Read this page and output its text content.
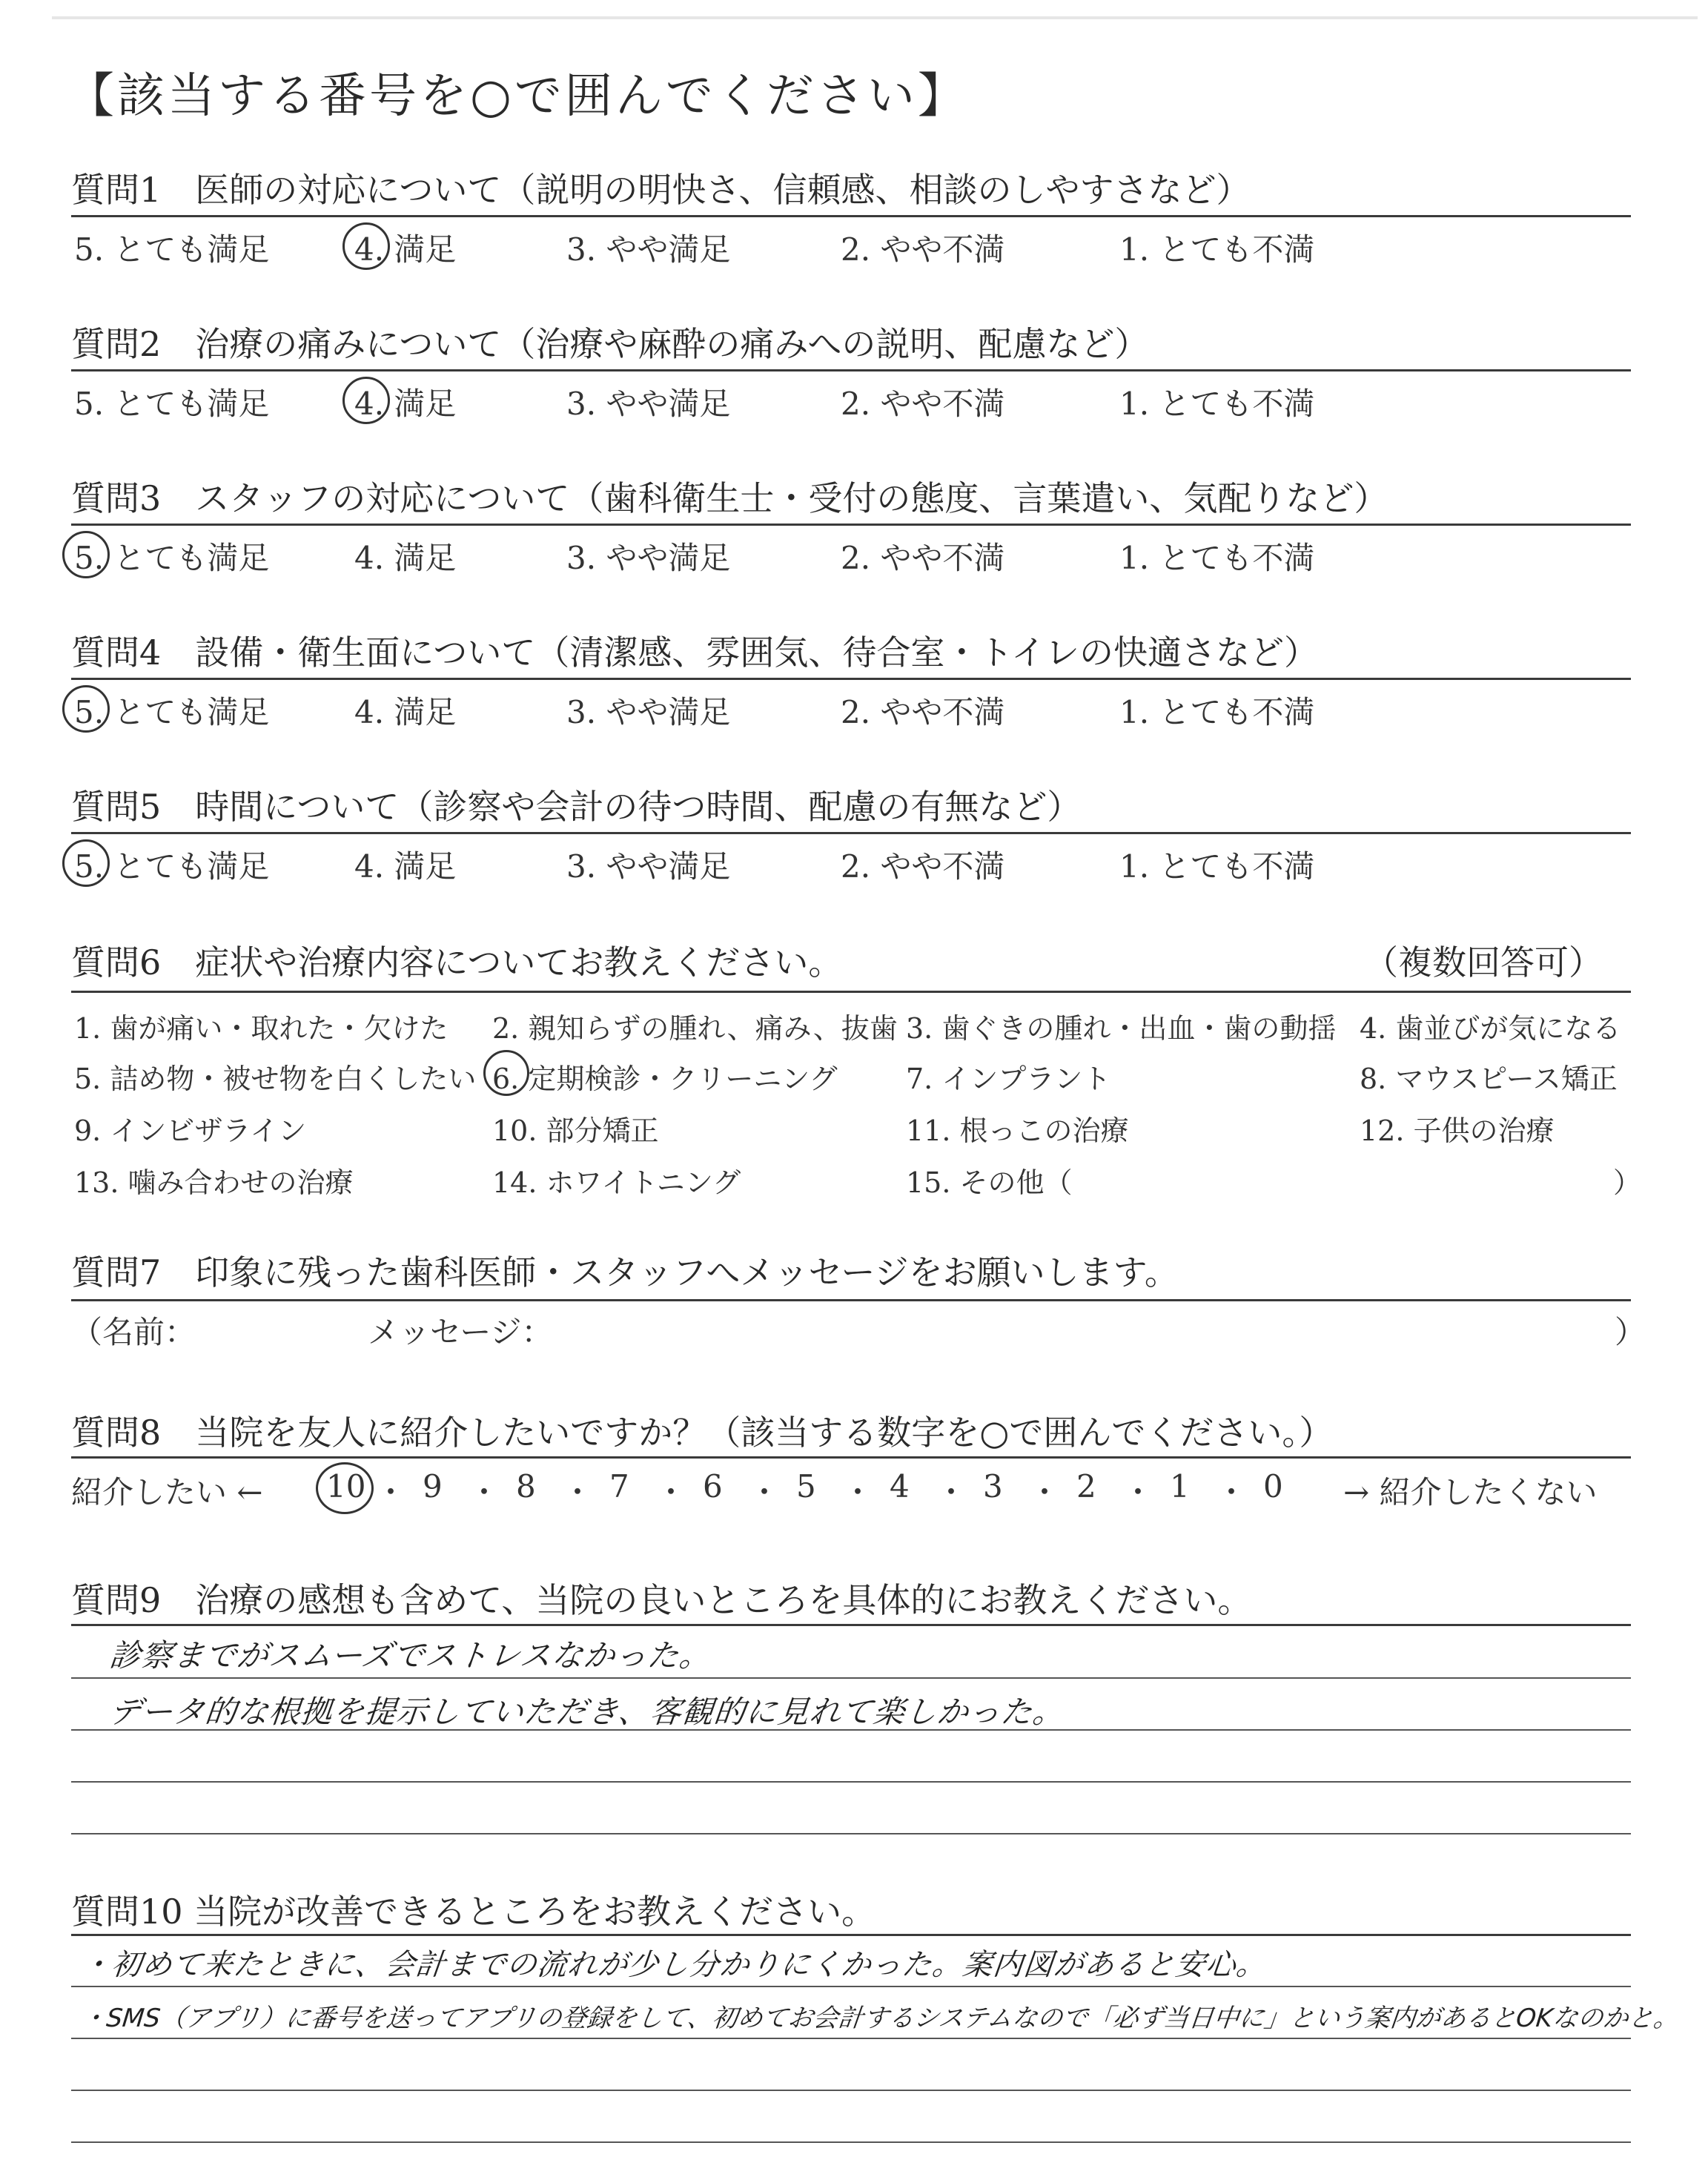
【該当する番号を○で囲んでください】
質問6　症状や治療内容についてお教えください。	（複数回答可）
質問7　印象に残った歯科医師・スタッフへメッセージをお願いします。
（名前：	メッセージ：	）
質問8　当院を友人に紹介したいですか？（該当する数字を○で囲んでください。）
紹介したい ←	→ 紹介したくない
質問9　治療の感想も含めて、当院の良いところを具体的にお教えください。
診察までがスムーズでストレスなかった。
データ的な根拠を提示していただき、客観的に見れて楽しかった。
質問10 当院が改善できるところをお教えください。
・初めて来たときに、会計までの流れが少し分かりにくかった。案内図があると安心。
・SMS（アプリ）に番号を送ってアプリの登録をして、初めてお会計するシステムなので「必ず当日中に」という案内があるとOKなのかと。
質問1　医師の対応について（説明の明快さ、信頼感、相談のしやすさなど）
5. とても満足	4. 満足	3. やや満足	2. やや不満	1. とても不満
質問2　治療の痛みについて（治療や麻酔の痛みへの説明、配慮など）
5. とても満足	4. 満足	3. やや満足	2. やや不満	1. とても不満
質問3　スタッフの対応について（歯科衛生士・受付の態度、言葉遣い、気配りなど）
5. とても満足	4. 満足	3. やや満足	2. やや不満	1. とても不満
質問4　設備・衛生面について（清潔感、雰囲気、待合室・トイレの快適さなど）
5. とても満足	4. 満足	3. やや満足	2. やや不満	1. とても不満
質問5　時間について（診察や会計の待つ時間、配慮の有無など）
5. とても満足	4. 満足	3. やや満足	2. やや不満	1. とても不満
1. 歯が痛い・取れた・欠けた 2. 親知らずの腫れ、痛み、抜歯 3. 歯ぐきの腫れ・出血・歯の動揺 4. 歯並びが気になる
5. 詰め物・被せ物を白くしたい 6. 定期検診・クリーニング 7. インプラント	8. マウスピース矯正
9. インビザライン	10. 部分矯正	11. 根っこの治療	12. 子供の治療
13. 噛み合わせの治療	14. ホワイトニング	15. その他（	）
10 ・ 9 ・ 8 ・ 7 ・ 6 ・ 5 ・ 4 ・ 3 ・ 2 ・ 1 ・ 0
